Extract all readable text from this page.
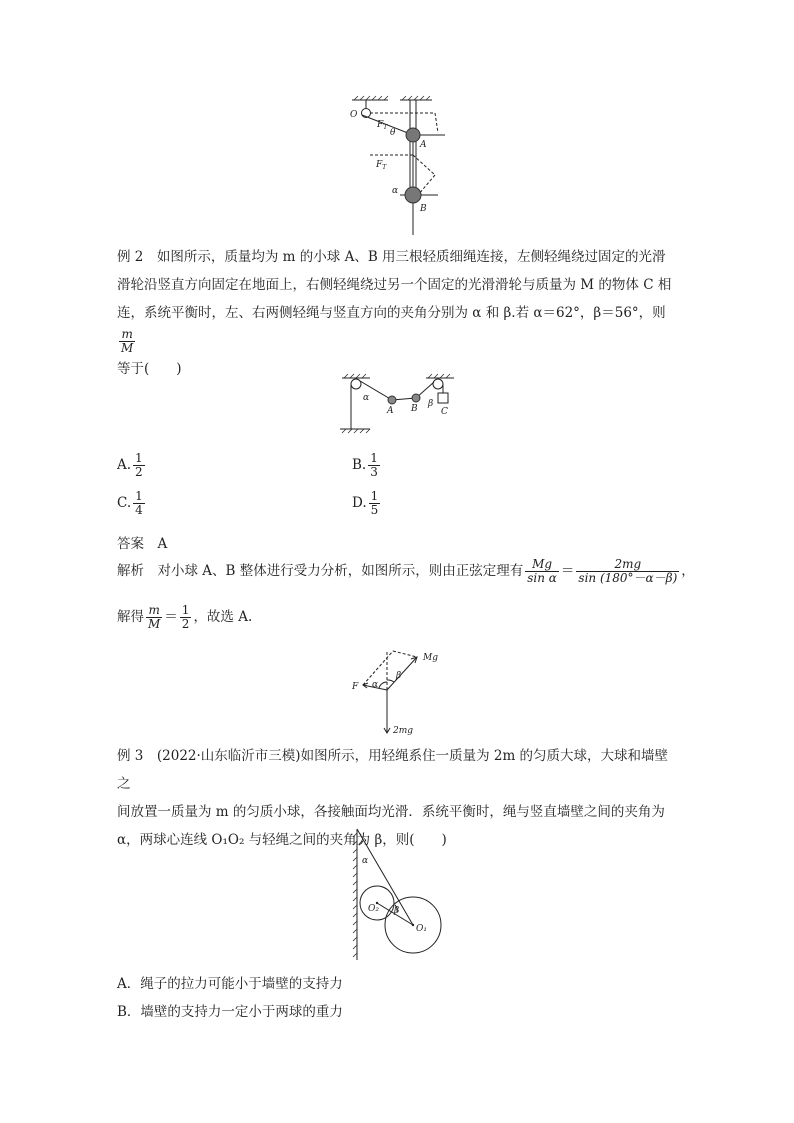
O
$F_T$
θ
A
$F_T$
α
B
例 2　 如图所示，质量均为 m 的小球 A、B 用三根轻质细绳连接，左侧轻绳绕过固定的光滑
滑轮沿竖直方向固定在地面上，右侧轻绳绕过另一个固定的光滑滑轮与质量为 M 的物体 C 相
连，系统平衡时，左、右两侧轻绳与竖直方向的夹角分别为 α 和 β.若 α＝62°，β＝56°，则
$\frac{m}{M}$
等于(　　)
α
A B β
C
A. $\frac{1}{2}$	B. $\frac{1}{3}$
C. $\frac{1}{4}$	D. $\frac{1}{5}$
答案　A
解析　对小球 A、B 整体进行受力分析，如图所示，则由正弦定理有 $\frac{Mg}{\text{sin α}} = \frac{2mg}{\sin (180^\circ-\alpha-\beta)}$ ，
解得 $\frac{m}{M} = \frac{1}{2}$ ，故选 A.
Mg
β
F α
2mg
例 3　 (2022·山东临沂市三模)如图所示，用轻绳系住一质量为 2m 的匀质大球，大球和墙壁之
间放置一质量为 m 的匀质小球，各接触面均光滑．系统平衡时，绳与竖直墙壁之间的夹角为
α，两球心连线 O₁O₂ 与轻绳之间的夹角为 β，则(　　)
α
O₂ β
O₁
A．绳子的拉力可能小于墙壁的支持力
B．墙壁的支持力一定小于两球的重力
